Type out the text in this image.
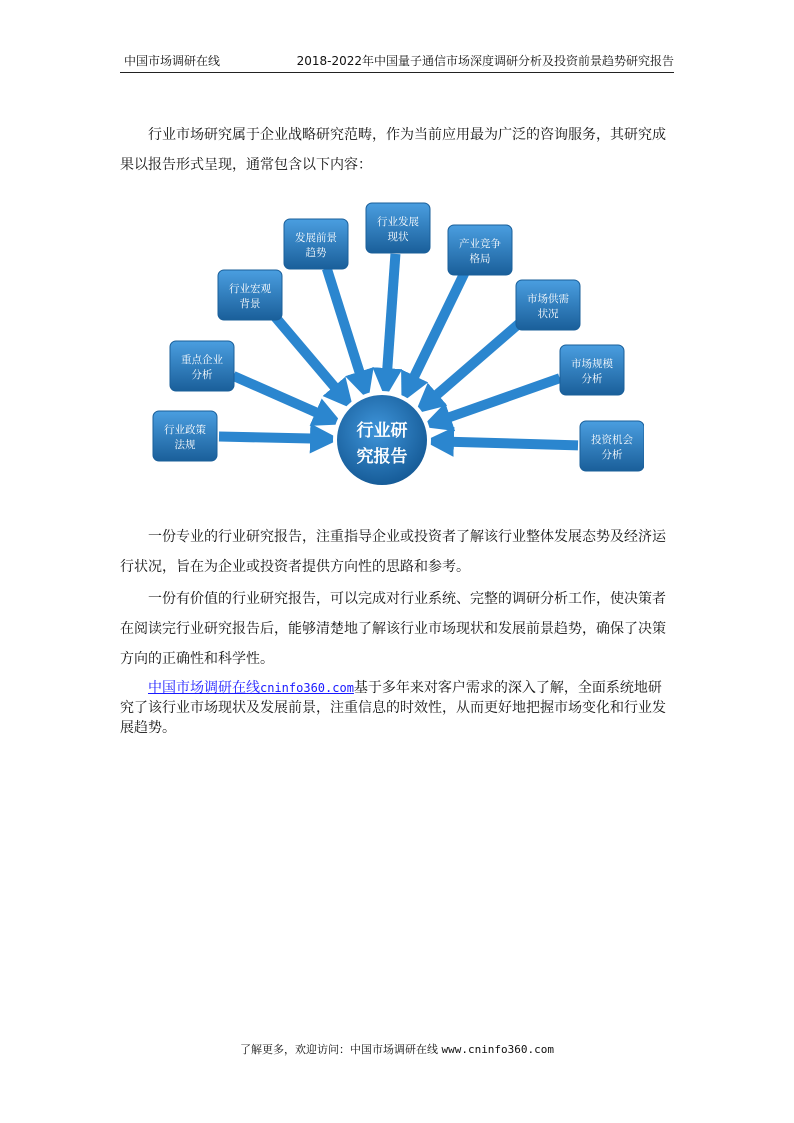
中国市场调研在线	2018-2022年中国量子通信市场深度调研分析及投资前景趋势研究报告

行业市场研究属于企业战略研究范畴，作为当前应用最为广泛的咨询服务，其研究成果以报告形式呈现，通常包含以下内容：

行业政策
法规
重点企业
分析
行业宏观
背景
发展前景
趋势
行业发展
现状
产业竞争
格局
市场供需
状况
市场规模
分析
投资机会
分析
行业研
究报告

一份专业的行业研究报告，注重指导企业或投资者了解该行业整体发展态势及经济运行状况，旨在为企业或投资者提供方向性的思路和参考。

一份有价值的行业研究报告，可以完成对行业系统、完整的调研分析工作，使决策者在阅读完行业研究报告后，能够清楚地了解该行业市场现状和发展前景趋势，确保了决策方向的正确性和科学性。

中国市场调研在线cninfo360.com基于多年来对客户需求的深入了解，全面系统地研究了该行业市场现状及发展前景，注重信息的时效性，从而更好地把握市场变化和行业发展趋势。

了解更多，欢迎访问：中国市场调研在线 www.cninfo360.com
